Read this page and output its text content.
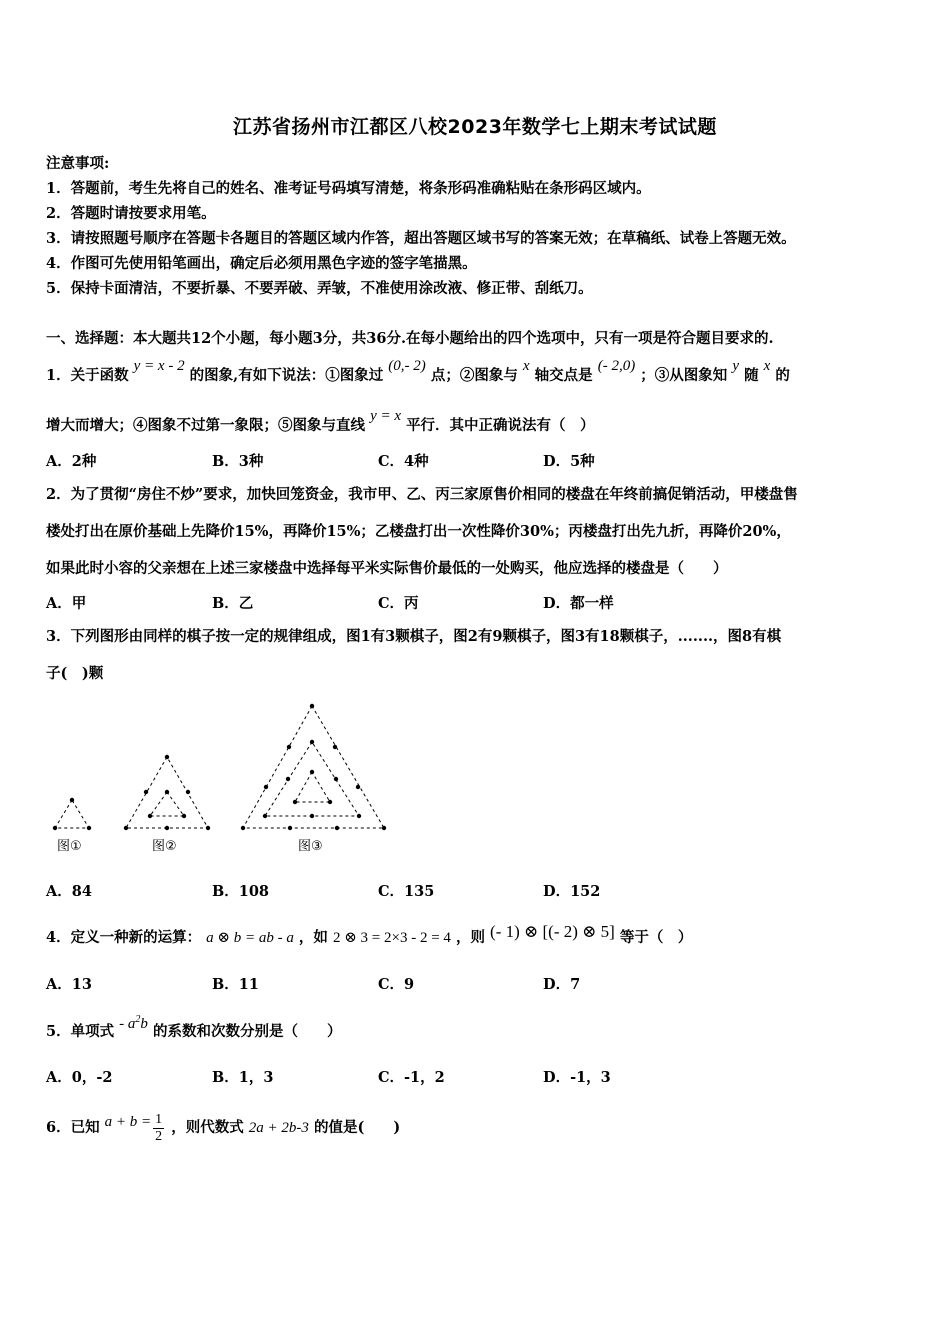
江苏省扬州市江都区八校2023年数学七上期末考试试题
注意事项:
1．答题前，考生先将自己的姓名、准考证号码填写清楚，将条形码准确粘贴在条形码区域内。
2．答题时请按要求用笔。
3．请按照题号顺序在答题卡各题目的答题区域内作答，超出答题区域书写的答案无效；在草稿纸、试卷上答题无效。
4．作图可先使用铅笔画出，确定后必须用黑色字迹的签字笔描黑。
5．保持卡面清洁，不要折暴、不要弄破、弄皱，不准使用涂改液、修正带、刮纸刀。
一、选择题：本大题共12个小题，每小题3分，共36分.在每小题给出的四个选项中，只有一项是符合题目要求的.
1．关于函数 y = x - 2 的图象,有如下说法：①图象过 (0,- 2) 点；②图象与 x 轴交点是 (- 2,0) ；③从图象知 y 随 x 的
增大而增大；④图象不过第一象限；⑤图象与直线 y = x 平行．其中正确说法有（　）
A．2种	B．3种	C．4种	D．5种
2．为了贯彻“房住不炒”要求，加快回笼资金，我市甲、乙、丙三家原售价相同的楼盘在年终前搞促销活动，甲楼盘售
楼处打出在原价基础上先降价15%，再降价15%；乙楼盘打出一次性降价30%；丙楼盘打出先九折，再降价20%，
如果此时小容的父亲想在上述三家楼盘中选择每平米实际售价最低的一处购买，他应选择的楼盘是（　　）
A．甲	B．乙	C．丙	D．都一样
3．下列图形由同样的棋子按一定的规律组成，图1有3颗棋子，图2有9颗棋子，图3有18颗棋子，.......，图8有棋
子(　)颗
图①	图②	图③
A．84	B．108	C．135	D．152
4．定义一种新的运算： a ⊗ b = ab - a ，如 2 ⊗ 3 = 2×3 - 2 = 4 ，则 (- 1) ⊗ [(- 2) ⊗ 5] 等于（　）
A．13	B．11	C．9	D．7
5．单项式 - $a^2b$ 的系数和次数分别是（　　）
A．0，-2	B．1，3	C．-1，2	D．-1，3
6．已知 $a + b = \frac{1}{2}$ ，则代数式 2a + 2b-3 的值是(　　)
